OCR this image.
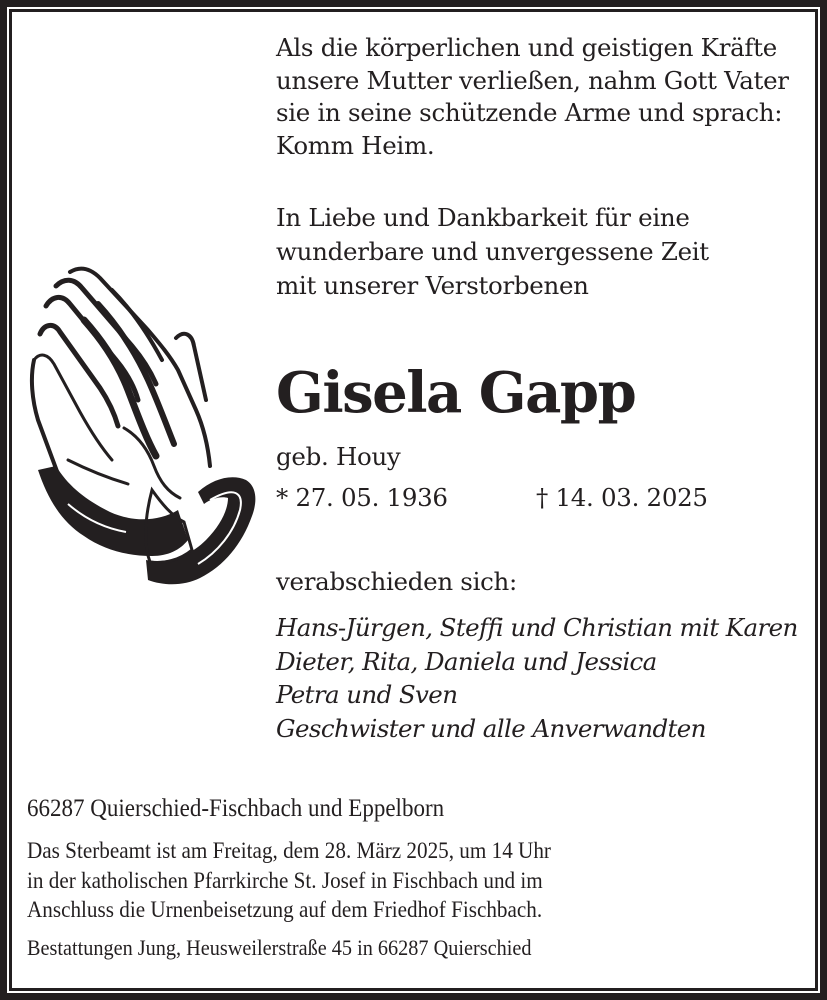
Als die körperlichen und geistigen Kräfte
unsere Mutter verließen, nahm Gott Vater
sie in seine schützende Arme und sprach:
Komm Heim.

In Liebe und Dankbarkeit für eine
wunderbare und unvergessene Zeit
mit unserer Verstorbenen

Gisela Gapp

geb. Houy

* 27. 05. 1936	† 14. 03. 2025

verabschieden sich:

Hans-Jürgen, Steffi und Christian mit Karen
Dieter, Rita, Daniela und Jessica
Petra und Sven
Geschwister und alle Anverwandten

66287 Quierschied-Fischbach und Eppelborn

Das Sterbeamt ist am Freitag, dem 28. März 2025, um 14 Uhr
in der katholischen Pfarrkirche St. Josef in Fischbach und im
Anschluss die Urnenbeisetzung auf dem Friedhof Fischbach.

Bestattungen Jung, Heusweilerstraße 45 in 66287 Quierschied
